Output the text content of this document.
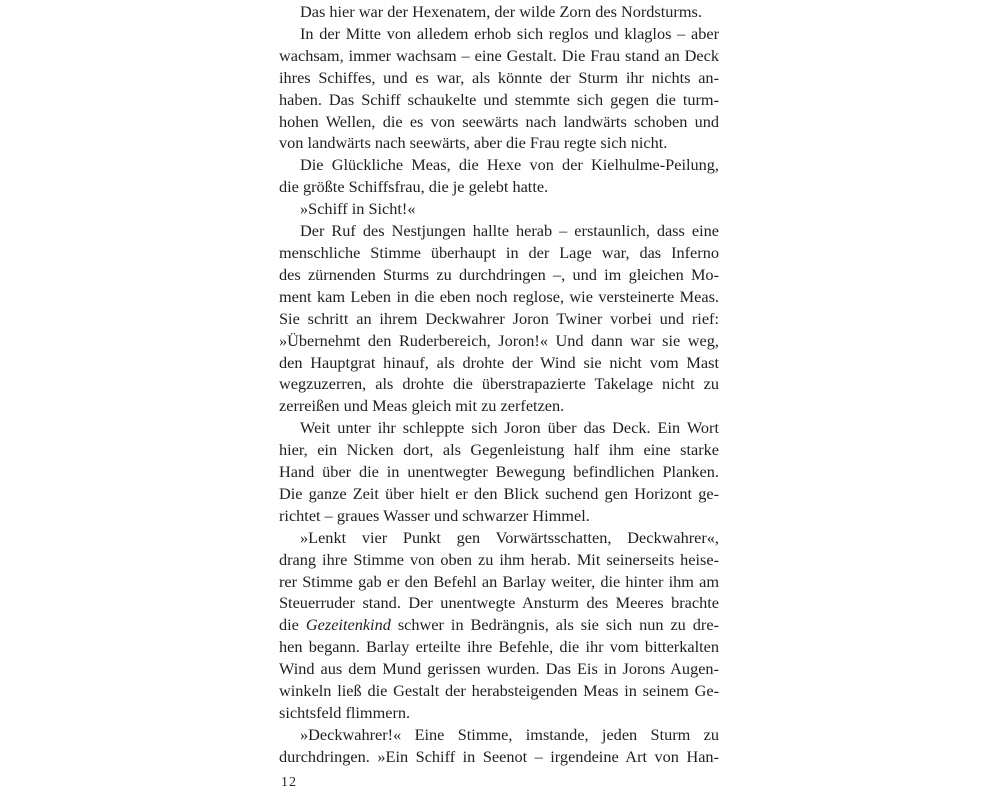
Das hier war der Hexenatem, der wilde Zorn des Nordsturms.
In der Mitte von alledem erhob sich reglos und klaglos – aber
wachsam, immer wachsam – eine Gestalt. Die Frau stand an Deck
ihres Schiffes, und es war, als könnte der Sturm ihr nichts an-
haben. Das Schiff schaukelte und stemmte sich gegen die turm-
hohen Wellen, die es von seewärts nach landwärts schoben und
von landwärts nach seewärts, aber die Frau regte sich nicht.
Die Glückliche Meas, die Hexe von der Kielhulme-Peilung,
die größte Schiffsfrau, die je gelebt hatte.
»Schiff in Sicht!«
Der Ruf des Nestjungen hallte herab – erstaunlich, dass eine
menschliche Stimme überhaupt in der Lage war, das Inferno
des zürnenden Sturms zu durchdringen –, und im gleichen Mo-
ment kam Leben in die eben noch reglose, wie versteinerte Meas.
Sie schritt an ihrem Deckwahrer Joron Twiner vorbei und rief:
»Übernehmt den Ruderbereich, Joron!« Und dann war sie weg,
den Hauptgrat hinauf, als drohte der Wind sie nicht vom Mast
wegzuzerren, als drohte die überstrapazierte Takelage nicht zu
zerreißen und Meas gleich mit zu zerfetzen.
Weit unter ihr schleppte sich Joron über das Deck. Ein Wort
hier, ein Nicken dort, als Gegenleistung half ihm eine starke
Hand über die in unentwegter Bewegung befindlichen Planken.
Die ganze Zeit über hielt er den Blick suchend gen Horizont ge-
richtet – graues Wasser und schwarzer Himmel.
»Lenkt vier Punkt gen Vorwärtsschatten, Deckwahrer«,
drang ihre Stimme von oben zu ihm herab. Mit seinerseits heise-
rer Stimme gab er den Befehl an Barlay weiter, die hinter ihm am
Steuerruder stand. Der unentwegte Ansturm des Meeres brachte
die Gezeitenkind schwer in Bedrängnis, als sie sich nun zu dre-
hen begann. Barlay erteilte ihre Befehle, die ihr vom bitterkalten
Wind aus dem Mund gerissen wurden. Das Eis in Jorons Augen-
winkeln ließ die Gestalt der herabsteigenden Meas in seinem Ge-
sichtsfeld flimmern.
»Deckwahrer!« Eine Stimme, imstande, jeden Sturm zu
durchdringen. »Ein Schiff in Seenot – irgendeine Art von Han-
12
